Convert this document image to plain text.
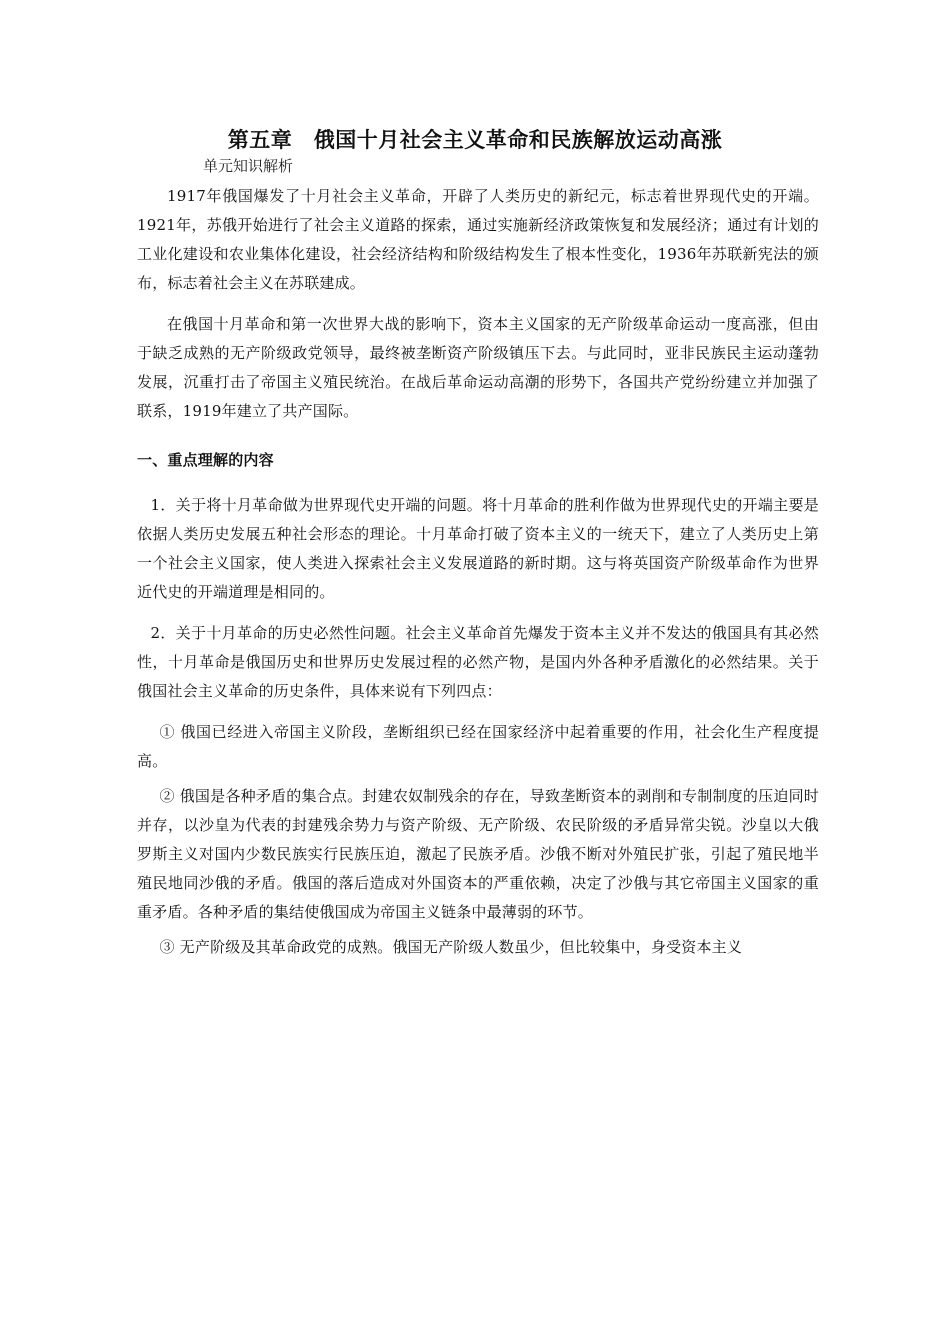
第五章　俄国十月社会主义革命和民族解放运动高涨
单元知识解析

1917年俄国爆发了十月社会主义革命，开辟了人类历史的新纪元，标志着世界现代史的开端。1921年，苏俄开始进行了社会主义道路的探索，通过实施新经济政策恢复和发展经济；通过有计划的工业化建设和农业集体化建设，社会经济结构和阶级结构发生了根本性变化，1936年苏联新宪法的颁布，标志着社会主义在苏联建成。

在俄国十月革命和第一次世界大战的影响下，资本主义国家的无产阶级革命运动一度高涨，但由于缺乏成熟的无产阶级政党领导，最终被垄断资产阶级镇压下去。与此同时，亚非民族民主运动蓬勃发展，沉重打击了帝国主义殖民统治。在战后革命运动高潮的形势下，各国共产党纷纷建立并加强了联系，1919年建立了共产国际。

一、重点理解的内容

1．关于将十月革命做为世界现代史开端的问题。将十月革命的胜利作做为世界现代史的开端主要是依据人类历史发展五种社会形态的理论。十月革命打破了资本主义的一统天下，建立了人类历史上第一个社会主义国家，使人类进入探索社会主义发展道路的新时期。这与将英国资产阶级革命作为世界近代史的开端道理是相同的。

2．关于十月革命的历史必然性问题。社会主义革命首先爆发于资本主义并不发达的俄国具有其必然性，十月革命是俄国历史和世界历史发展过程的必然产物，是国内外各种矛盾激化的必然结果。关于俄国社会主义革命的历史条件，具体来说有下列四点：

① 俄国已经进入帝国主义阶段，垄断组织已经在国家经济中起着重要的作用，社会化生产程度提高。

② 俄国是各种矛盾的集合点。封建农奴制残余的存在，导致垄断资本的剥削和专制制度的压迫同时并存，以沙皇为代表的封建残余势力与资产阶级、无产阶级、农民阶级的矛盾异常尖锐。沙皇以大俄罗斯主义对国内少数民族实行民族压迫，激起了民族矛盾。沙俄不断对外殖民扩张，引起了殖民地半殖民地同沙俄的矛盾。俄国的落后造成对外国资本的严重依赖，决定了沙俄与其它帝国主义国家的重重矛盾。各种矛盾的集结使俄国成为帝国主义链条中最薄弱的环节。

③ 无产阶级及其革命政党的成熟。俄国无产阶级人数虽少，但比较集中，身受资本主义
